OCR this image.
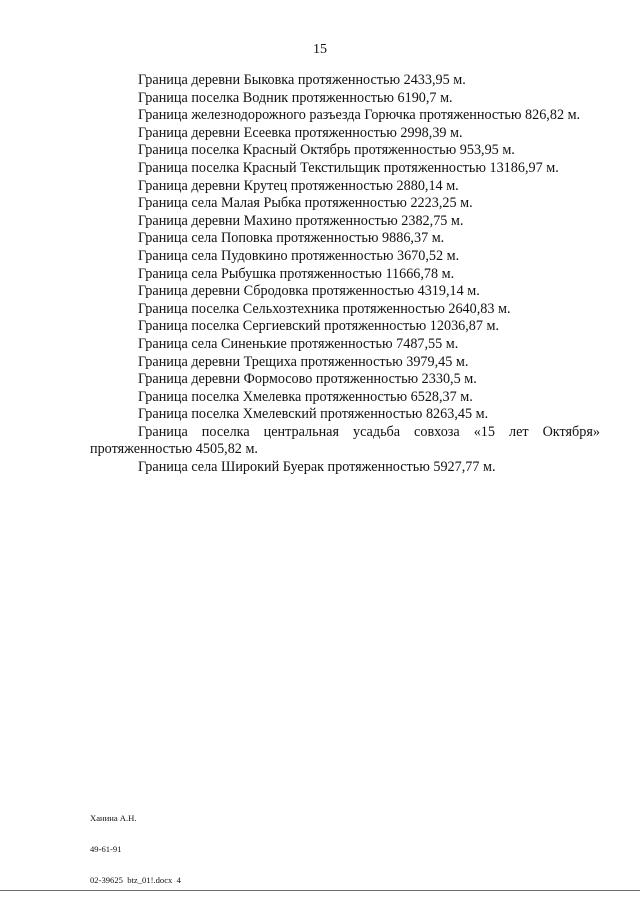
15
Граница деревни Быковка протяженностью 2433,95 м.
Граница поселка Водник протяженностью 6190,7 м.
Граница железнодорожного разъезда Горючка протяженностью 826,82 м.
Граница деревни Есеевка протяженностью 2998,39 м.
Граница поселка Красный Октябрь протяженностью 953,95 м.
Граница поселка Красный Текстильщик протяженностью 13186,97 м.
Граница деревни Крутец протяженностью 2880,14 м.
Граница села Малая Рыбка протяженностью 2223,25 м.
Граница деревни Махино протяженностью 2382,75 м.
Граница села Поповка протяженностью 9886,37 м.
Граница села Пудовкино протяженностью 3670,52 м.
Граница села Рыбушка протяженностью 11666,78 м.
Граница деревни Сбродовка протяженностью 4319,14 м.
Граница поселка Сельхозтехника протяженностью 2640,83 м.
Граница поселка Сергиевский протяженностью 12036,87 м.
Граница села Синенькие протяженностью 7487,55 м.
Граница деревни Трещиха протяженностью 3979,45 м.
Граница деревни Формосово протяженностью 2330,5 м.
Граница поселка Хмелевка протяженностью 6528,37 м.
Граница поселка Хмелевский протяженностью 8263,45 м.
Граница поселка центральная усадьба совхоза «15 лет Октября» протяженностью 4505,82 м.
Граница села Широкий Буерак протяженностью 5927,77 м.

Ханина А.Н.

49-61-91

02-39625  btz_01!.docx  4
